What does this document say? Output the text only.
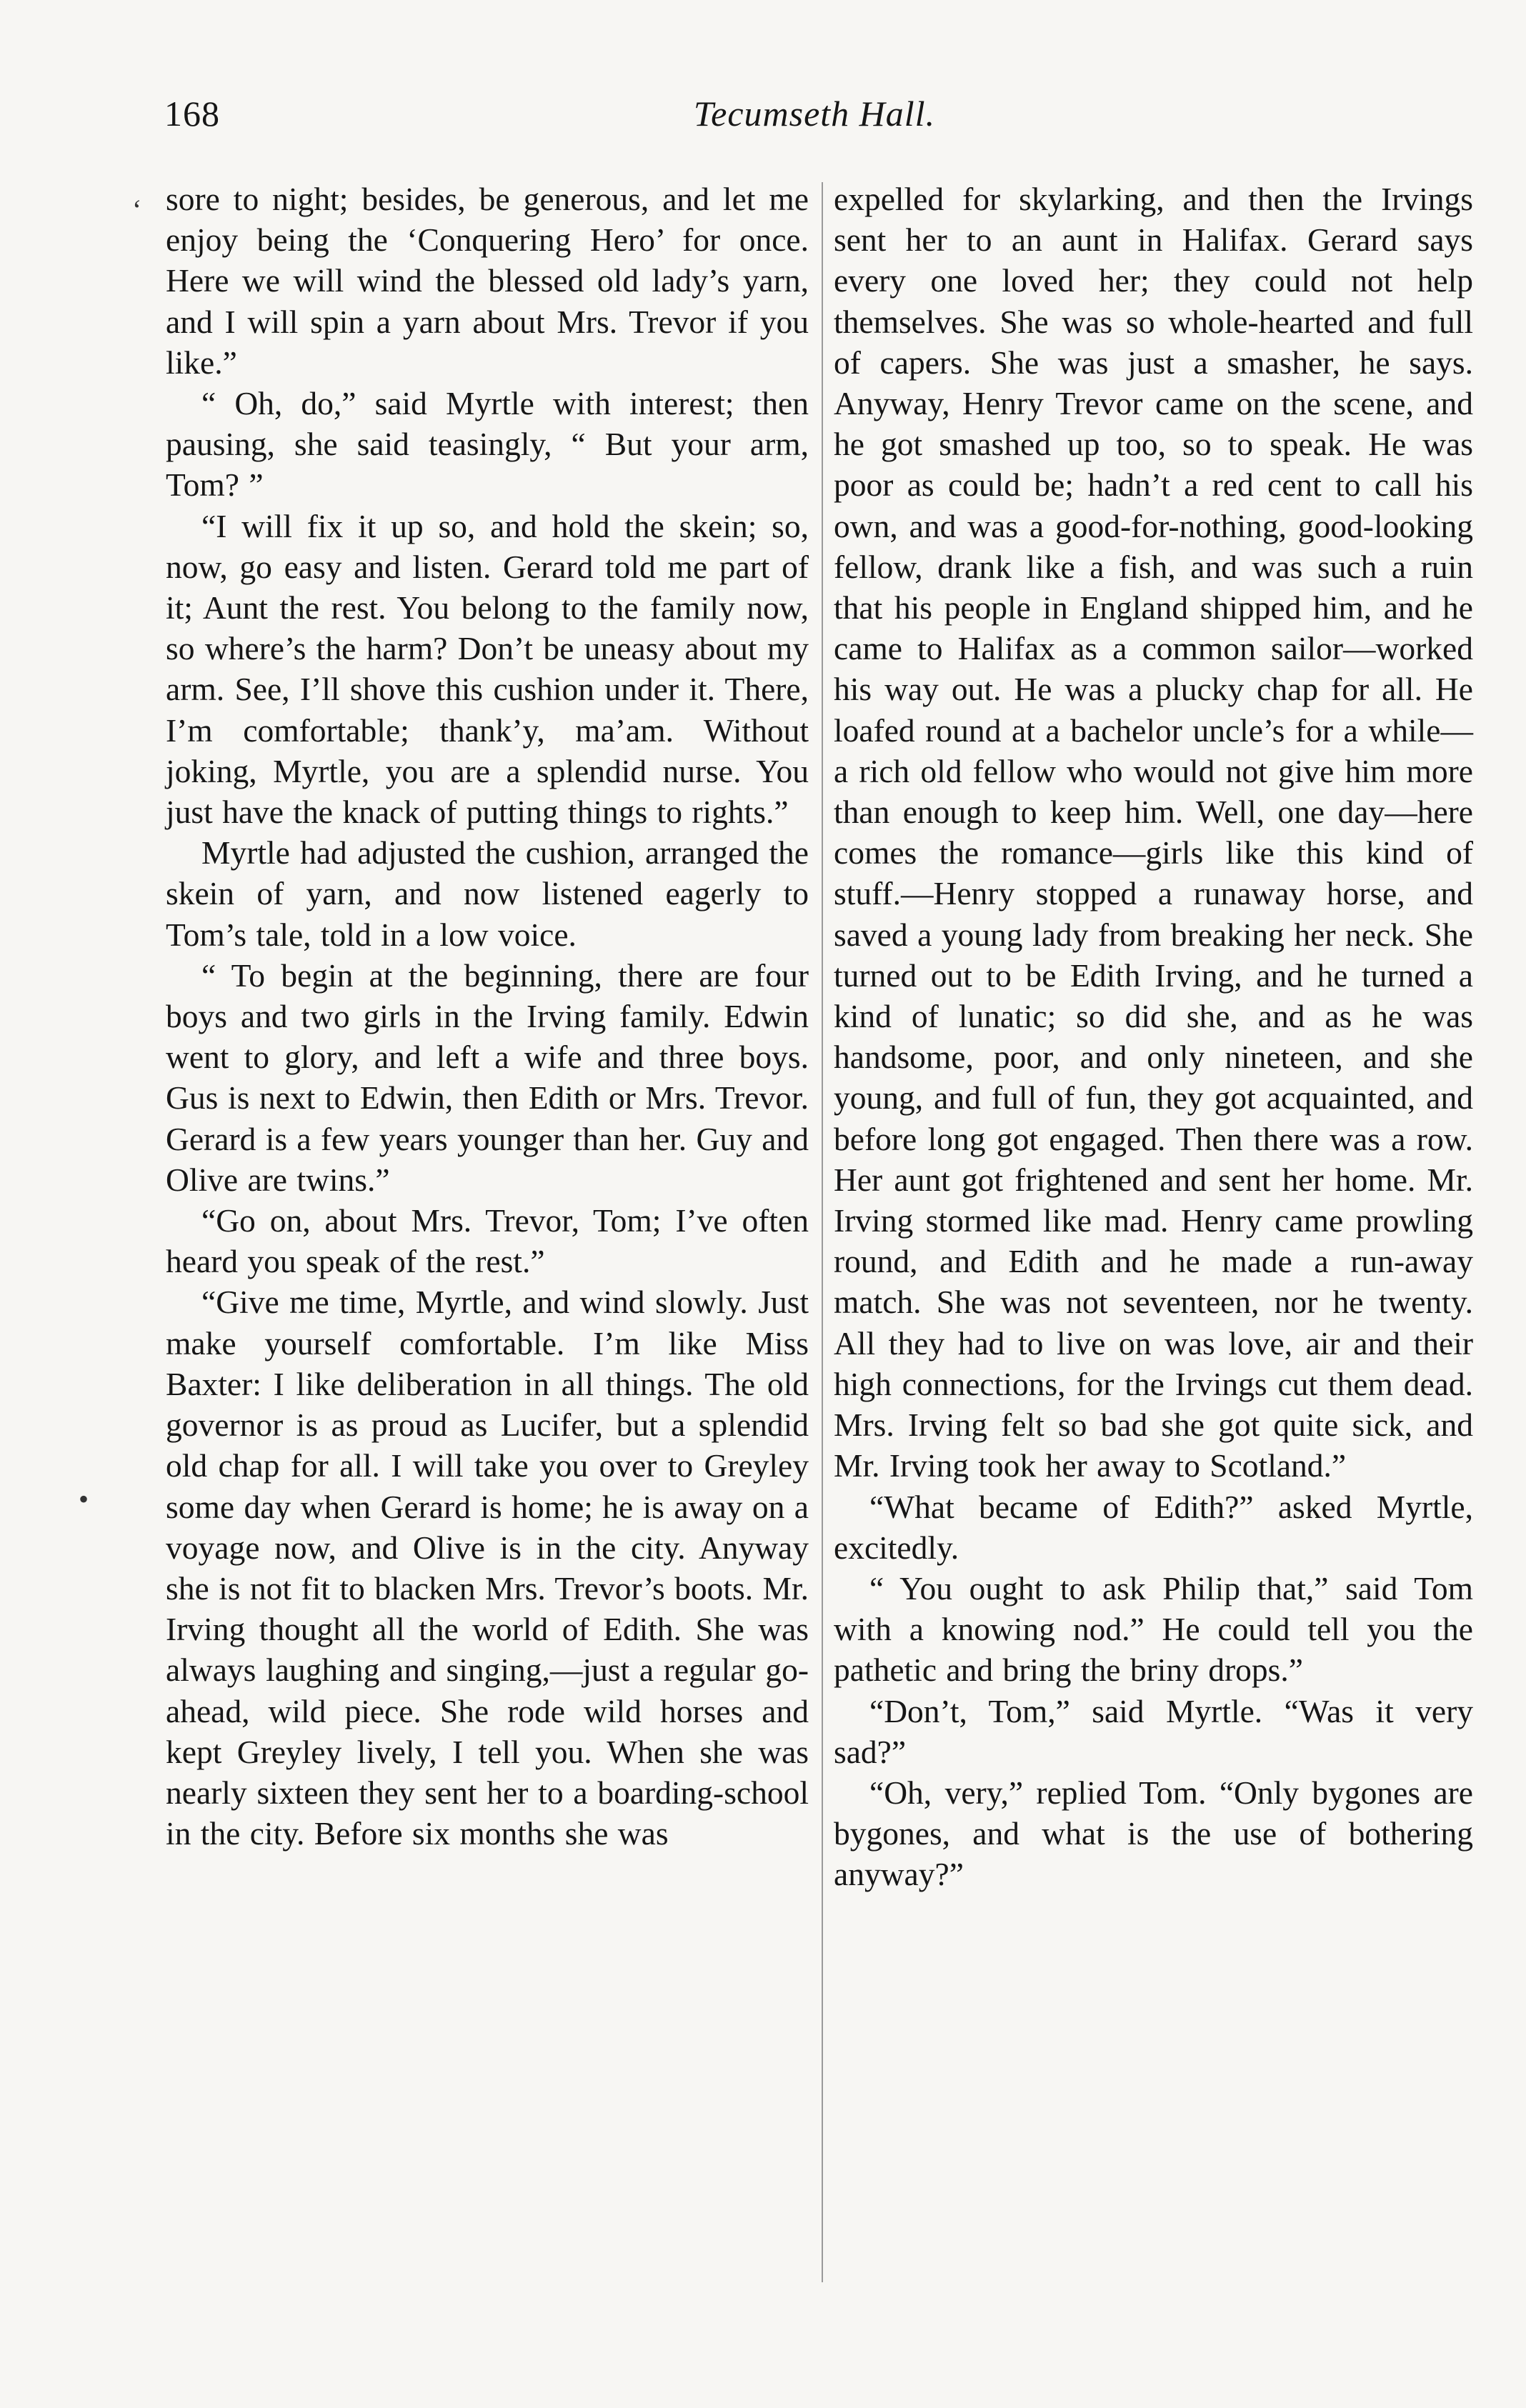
168	Tecumseth Hall.
‘
•

sore to night; besides, be generous, and let me enjoy being the ‘Conquering Hero’ for once. Here we will wind the blessed old lady’s yarn, and I will spin a yarn about Mrs. Trevor if you like.”

“ Oh, do,” said Myrtle with interest; then pausing, she said teasingly, “ But your arm, Tom? ”

“I will fix it up so, and hold the skein; so, now, go easy and listen. Gerard told me part of it; Aunt the rest. You belong to the family now, so where’s the harm? Don’t be uneasy about my arm. See, I’ll shove this cushion under it. There, I’m comfortable; thank’y, ma’am. Without joking, Myrtle, you are a splendid nurse. You just have the knack of putting things to rights.”

Myrtle had adjusted the cushion, arranged the skein of yarn, and now listened eagerly to Tom’s tale, told in a low voice.

“ To begin at the beginning, there are four boys and two girls in the Irving family. Edwin went to glory, and left a wife and three boys. Gus is next to Edwin, then Edith or Mrs. Trevor. Gerard is a few years younger than her. Guy and Olive are twins.”

“Go on, about Mrs. Trevor, Tom; I’ve often heard you speak of the rest.”

“Give me time, Myrtle, and wind slowly. Just make yourself comfortable. I’m like Miss Baxter: I like deliberation in all things. The old governor is as proud as Lucifer, but a splendid old chap for all. I will take you over to Greyley some day when Gerard is home; he is away on a voyage now, and Olive is in the city. Anyway she is not fit to blacken Mrs. Trevor’s boots. Mr. Irving thought all the world of Edith. She was always laughing and singing,—just a regular go-ahead, wild piece. She rode wild horses and kept Greyley lively, I tell you. When she was nearly sixteen they sent her to a boarding-school in the city. Before six months she was

expelled for skylarking, and then the Irvings sent her to an aunt in Halifax. Gerard says every one loved her; they could not help themselves. She was so whole-hearted and full of capers. She was just a smasher, he says. Anyway, Henry Trevor came on the scene, and he got smashed up too, so to speak. He was poor as could be; hadn’t a red cent to call his own, and was a good-for-nothing, good-looking fellow, drank like a fish, and was such a ruin that his people in England shipped him, and he came to Halifax as a common sailor—worked his way out. He was a plucky chap for all. He loafed round at a bachelor uncle’s for a while—a rich old fellow who would not give him more than enough to keep him. Well, one day—here comes the romance—girls like this kind of stuff.—Henry stopped a runaway horse, and saved a young lady from breaking her neck. She turned out to be Edith Irving, and he turned a kind of lunatic; so did she, and as he was handsome, poor, and only nineteen, and she young, and full of fun, they got acquainted, and before long got engaged. Then there was a row. Her aunt got frightened and sent her home. Mr. Irving stormed like mad. Henry came prowling round, and Edith and he made a run-away match. She was not seventeen, nor he twenty. All they had to live on was love, air and their high connections, for the Irvings cut them dead. Mrs. Irving felt so bad she got quite sick, and Mr. Irving took her away to Scotland.”

“What became of Edith?” asked Myrtle, excitedly.

“ You ought to ask Philip that,” said Tom with a knowing nod.” He could tell you the pathetic and bring the briny drops.”

“Don’t, Tom,” said Myrtle. “Was it very sad?”

“Oh, very,” replied Tom. “Only bygones are bygones, and what is the use of bothering anyway?”
